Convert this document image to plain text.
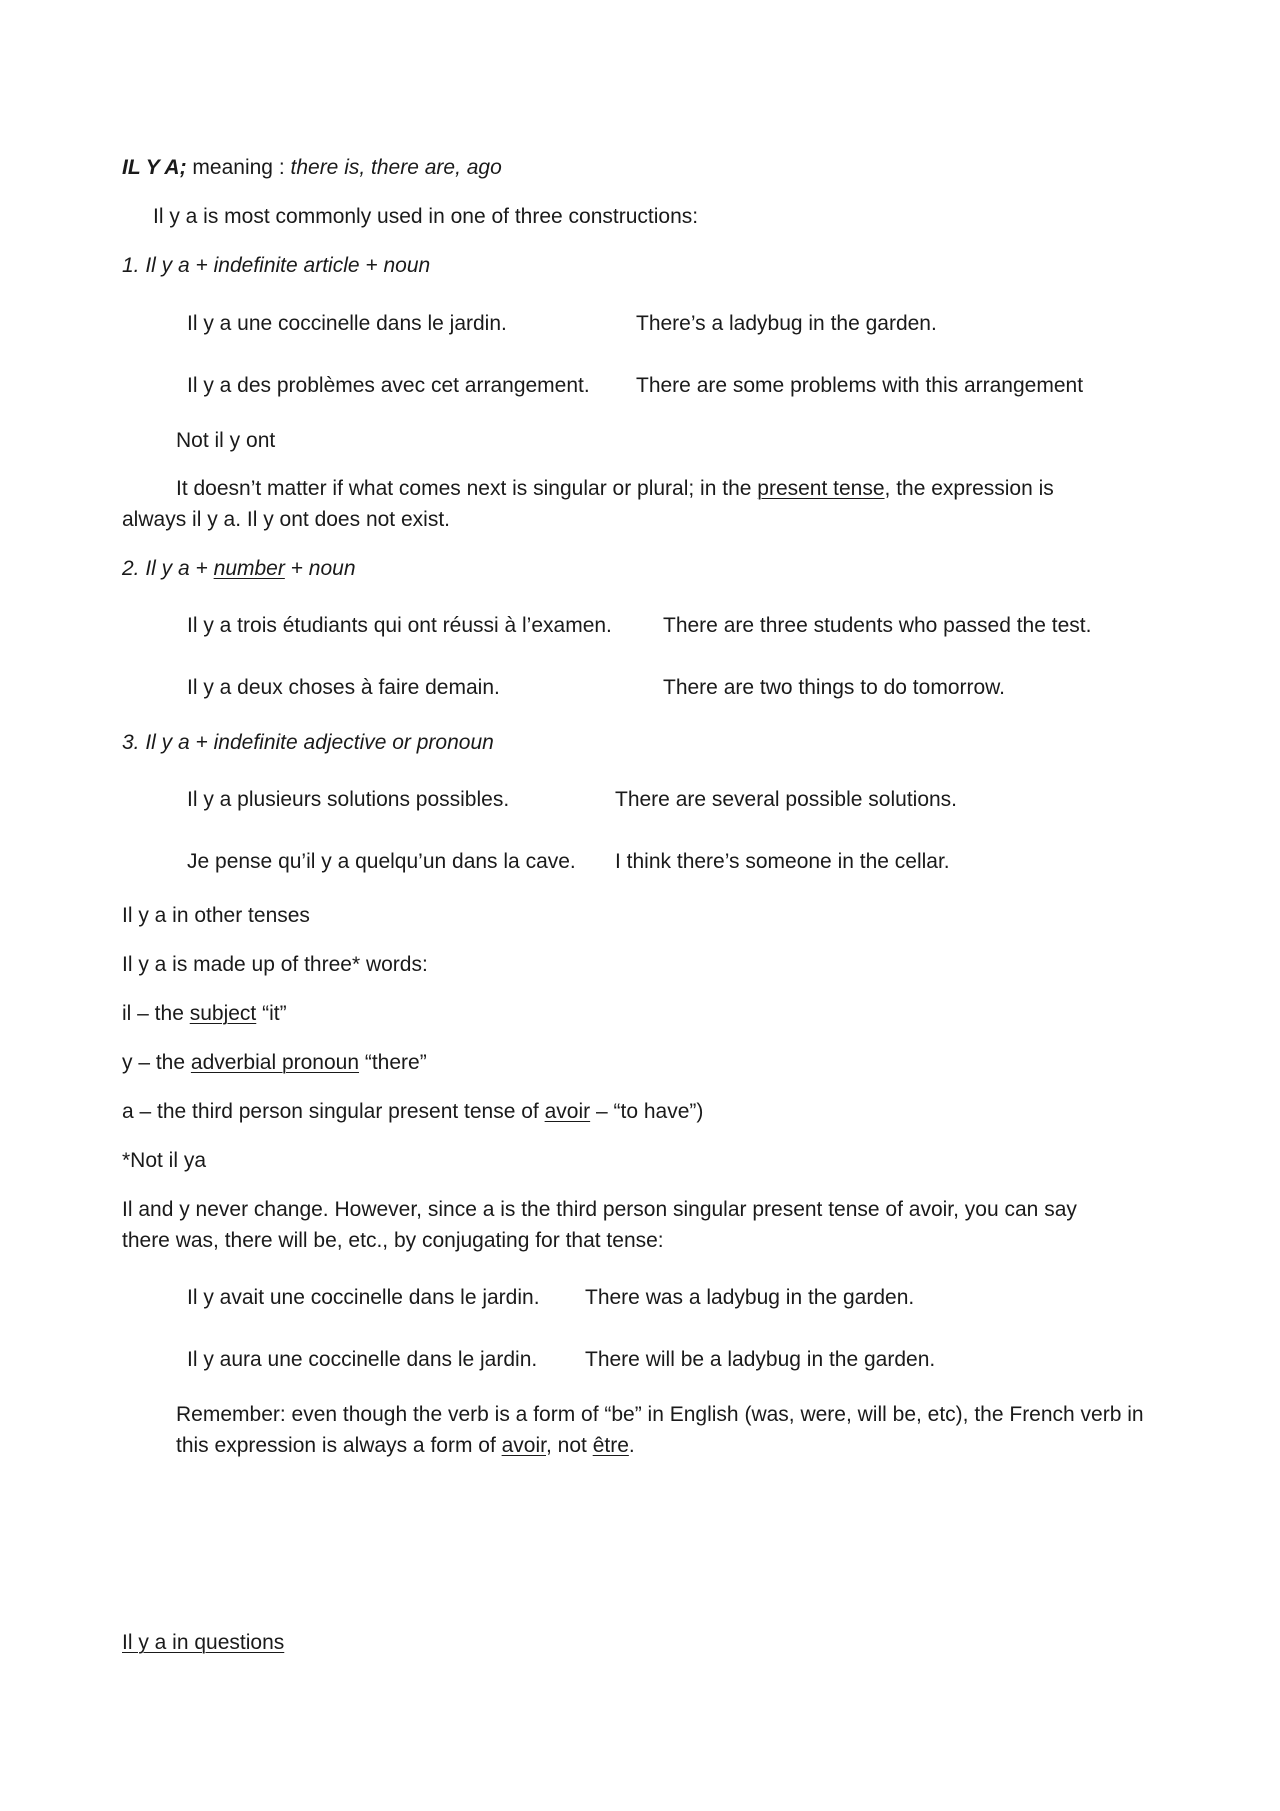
IL Y A; meaning : there is, there are, ago

Il y a is most commonly used in one of three constructions:

1. Il y a + indefinite article + noun

Il y a une coccinelle dans le jardin.	There’s a ladybug in the garden.
Il y a des problèmes avec cet arrangement. There are some problems with this arrangement

Not il y ont

It doesn’t matter if what comes next is singular or plural; in the present tense, the expression is always il y a. Il y ont does not exist.

2. Il y a + number + noun

Il y a trois étudiants qui ont réussi à l’examen. There are three students who passed the test.
Il y a deux choses à faire demain.	There are two things to do tomorrow.

3. Il y a + indefinite adjective or pronoun

Il y a plusieurs solutions possibles.	There are several possible solutions.
Je pense qu’il y a quelqu’un dans la cave. I think there’s someone in the cellar.

Il y a in other tenses

Il y a is made up of three* words:

il – the subject “it”

y – the adverbial pronoun “there”

a – the third person singular present tense of avoir – “to have”)

*Not il ya

Il and y never change. However, since a is the third person singular present tense of avoir, you can say there was, there will be, etc., by conjugating for that tense:

Il y avait une coccinelle dans le jardin. There was a ladybug in the garden.
Il y aura une coccinelle dans le jardin. There will be a ladybug in the garden.

Remember: even though the verb is a form of “be” in English (was, were, will be, etc), the French verb in this expression is always a form of avoir, not être.

Il y a in questions
